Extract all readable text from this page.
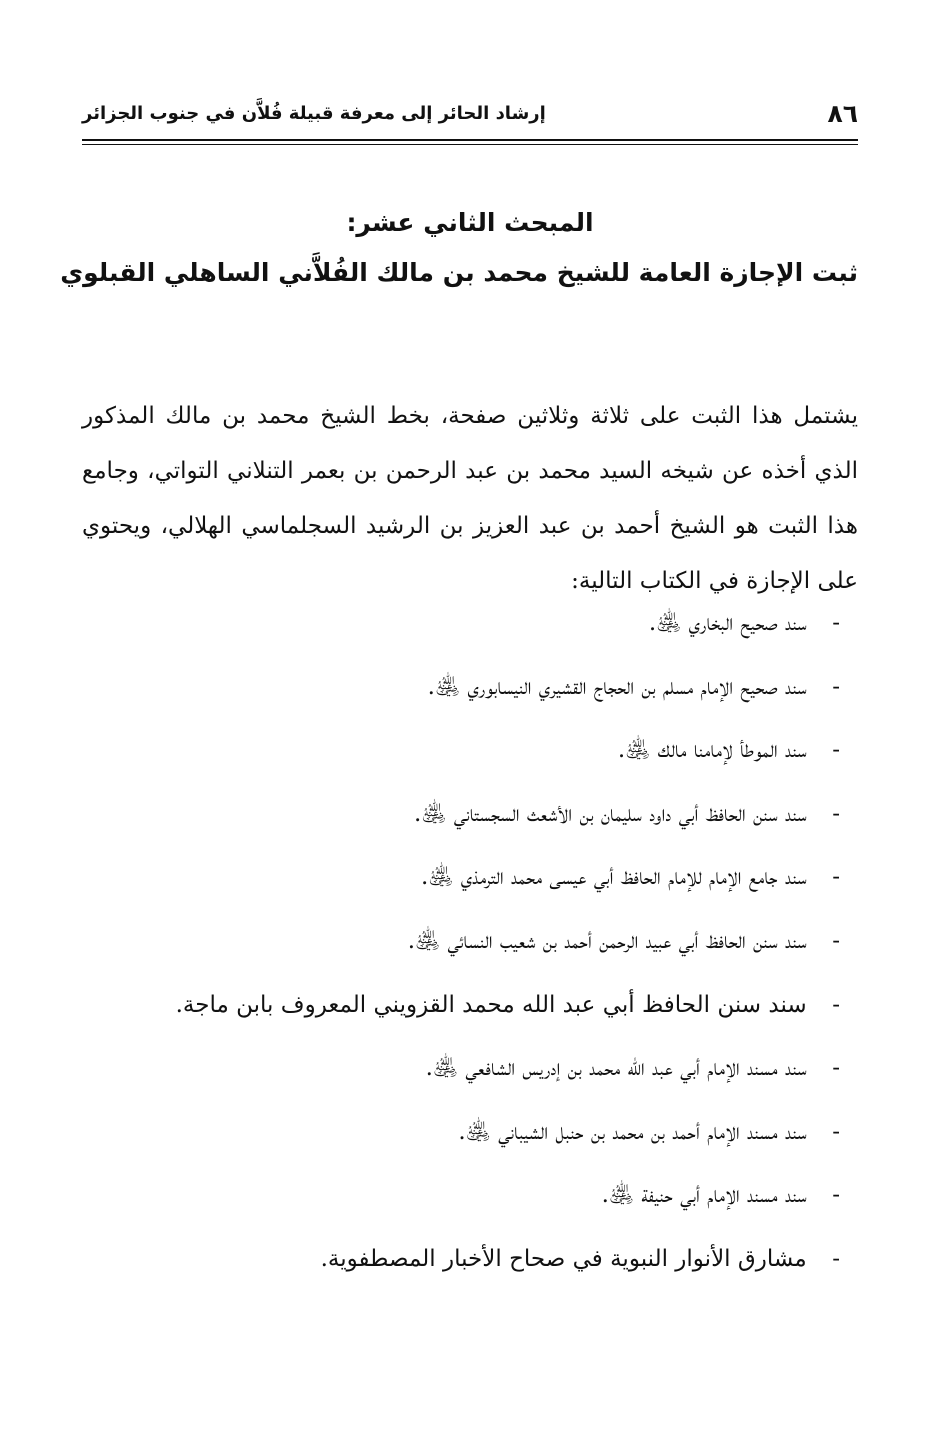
٨٦
إرشاد الحائر إلى معرفة قبيلة فُلاَّن في جنوب الجزائر
المبحث الثاني عشر:
ثبت الإجازة العامة للشيخ محمد بن مالك الفُلاَّني الساهلي القبلوي

يشتمل هذا الثبت على ثلاثة وثلاثين صفحة، بخط الشيخ محمد بن مالك المذكور الذي أخذه عن شيخه السيد محمد بن عبد الرحمن بن بعمر التنلاني التواتي، وجامع هذا الثبت هو الشيخ أحمد بن عبد العزيز بن الرشيد السجلماسي الهلالي، ويحتوي على الإجازة في الكتاب التالية:

- سند صحيح البخاري ﵁.
- سند صحيح الإمام مسلم بن الحجاج القشيري النيسابوري ﵁.
- سند الموطأ لإمامنا مالك ﵁.
- سند سنن الحافظ أبي داود سليمان بن الأشعث السجستاني ﵁.
- سند جامع الإمام للإمام الحافظ أبي عيسى محمد الترمذي ﵁.
- سند سنن الحافظ أبي عبيد الرحمن أحمد بن شعيب النسائي ﵁.
- سند سنن الحافظ أبي عبد الله محمد القزويني المعروف بابن ماجة.
- سند مسند الإمام أبي عبد الله محمد بن إدريس الشافعي ﵁.
- سند مسند الإمام أحمد بن محمد بن حنبل الشيباني ﵁.
- سند مسند الإمام أبي حنيفة ﵁.
- مشارق الأنوار النبوية في صحاح الأخبار المصطفوية.
